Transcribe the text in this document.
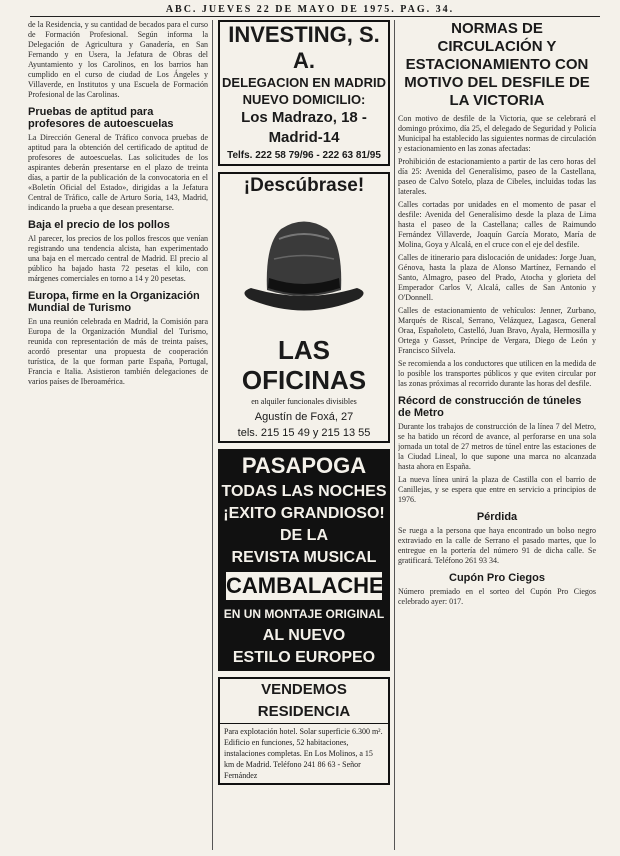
ABC. JUEVES 22 DE MAYO DE 1975. PAG. 34.

de la Residencia, y su cantidad de becados para el curso de Formación Profesional. Según informa la Delegación de Agricultura y Ganadería, en San Fernando y en Usera, la Jefatura de Obras del Ayuntamiento y los Carolinos, en los barrios han cumplido en el curso de ciudad de Los Ángeles y Villaverde, en Institutos y una Escuela de Formación Profesional de las Carolinas.

Pruebas de aptitud para profesores de autoescuelas

La Dirección General de Tráfico convoca pruebas de aptitud para la obtención del certificado de aptitud de profesores de autoescuelas. Las solicitudes de los aspirantes deberán presentarse en el plazo de treinta días, a partir de la publicación de la convocatoria en el «Boletín Oficial del Estado», dirigidas a la Jefatura Central de Tráfico, calle de Arturo Soria, 143, Madrid, indicando la prueba a que desean presentarse.

Baja el precio de los pollos

Al parecer, los precios de los pollos frescos que venían registrando una tendencia alcista, han experimentado una baja en el mercado central de Madrid. El precio al público ha bajado hasta 72 pesetas el kilo, con márgenes comerciales en torno a 14 y 20 pesetas.

Europa, firme en la Organización Mundial de Turismo

En una reunión celebrada en Madrid, la Comisión para Europa de la Organización Mundial del Turismo, reunida con representación de más de treinta países, acordó presentar una propuesta de cooperación turística, de la que forman parte España, Portugal, Francia e Italia. Asistieron también delegaciones de varios países de Iberoamérica.

INVESTING, S. A.
DELEGACION EN MADRID
NUEVO DOMICILIO:
Los Madrazo, 18 - Madrid-14
Telfs. 222 58 79/96 - 222 63 81/95
¡Descúbrase!
LAS
OFICINAS
en alquiler funcionales divisibles
Agustín de Foxá, 27
tels. 215 15 49 y 215 13 55
PASAPOGA
TODAS LAS NOCHES
¡EXITO GRANDIOSO!
DE LA
REVISTA MUSICAL
CAMBALACHE
EN UN MONTAJE ORIGINAL
AL NUEVO
ESTILO EUROPEO
VENDEMOS RESIDENCIA
Para explotación hotel. Solar superficie 6.300 m². Edificio en funciones, 52 habitaciones, instalaciones completas. En Los Molinos, a 15 km de Madrid. Teléfono 241 86 63 - Señor Fernández
NORMAS DE CIRCULACIÓN Y ESTACIONAMIENTO CON MOTIVO DEL DESFILE DE LA VICTORIA

Con motivo de desfile de la Victoria, que se celebrará el domingo próximo, día 25, el delegado de Seguridad y Policía Municipal ha establecido las siguientes normas de circulación y estacionamiento en las zonas afectadas:

Prohibición de estacionamiento a partir de las cero horas del día 25: Avenida del Generalísimo, paseo de la Castellana, paseo de Calvo Sotelo, plaza de Cibeles, incluidas todas las laterales.

Calles cortadas por unidades en el momento de pasar el desfile: Avenida del Generalísimo desde la plaza de Lima hasta el paseo de la Castellana; calles de Raimundo Fernández Villaverde, Joaquín García Morato, María de Molina, Goya y Alcalá, en el cruce con el eje del desfile.

Calles de itinerario para dislocación de unidades: Jorge Juan, Génova, hasta la plaza de Alonso Martínez, Fernando el Santo, Almagro, paseo del Prado, Atocha y glorieta del Emperador Carlos V, Alcalá, calles de San Antonio y O'Donnell.

Calles de estacionamiento de vehículos: Jenner, Zurbano, Marqués de Riscal, Serrano, Velázquez, Lagasca, General Oraa, Españoleto, Castelló, Juan Bravo, Ayala, Hermosilla y Ortega y Gasset, Príncipe de Vergara, Diego de León y Francisco Silvela.

Se recomienda a los conductores que utilicen en la medida de lo posible los transportes públicos y que eviten circular por las zonas próximas al recorrido durante las horas del desfile.

Récord de construcción de túneles de Metro

Durante los trabajos de construcción de la línea 7 del Metro, se ha batido un récord de avance, al perforarse en una sola jornada un total de 27 metros de túnel entre las estaciones de la Ciudad Lineal, lo que supone una marca no alcanzada hasta ahora en España.

La nueva línea unirá la plaza de Castilla con el barrio de Canillejas, y se espera que entre en servicio a principios de 1976.

Pérdida

Se ruega a la persona que haya encontrado un bolso negro extraviado en la calle de Serrano el pasado martes, que lo entregue en la portería del número 91 de dicha calle. Se gratificará. Teléfono 261 93 34.

Cupón Pro Ciegos

Número premiado en el sorteo del Cupón Pro Ciegos celebrado ayer: 017.
